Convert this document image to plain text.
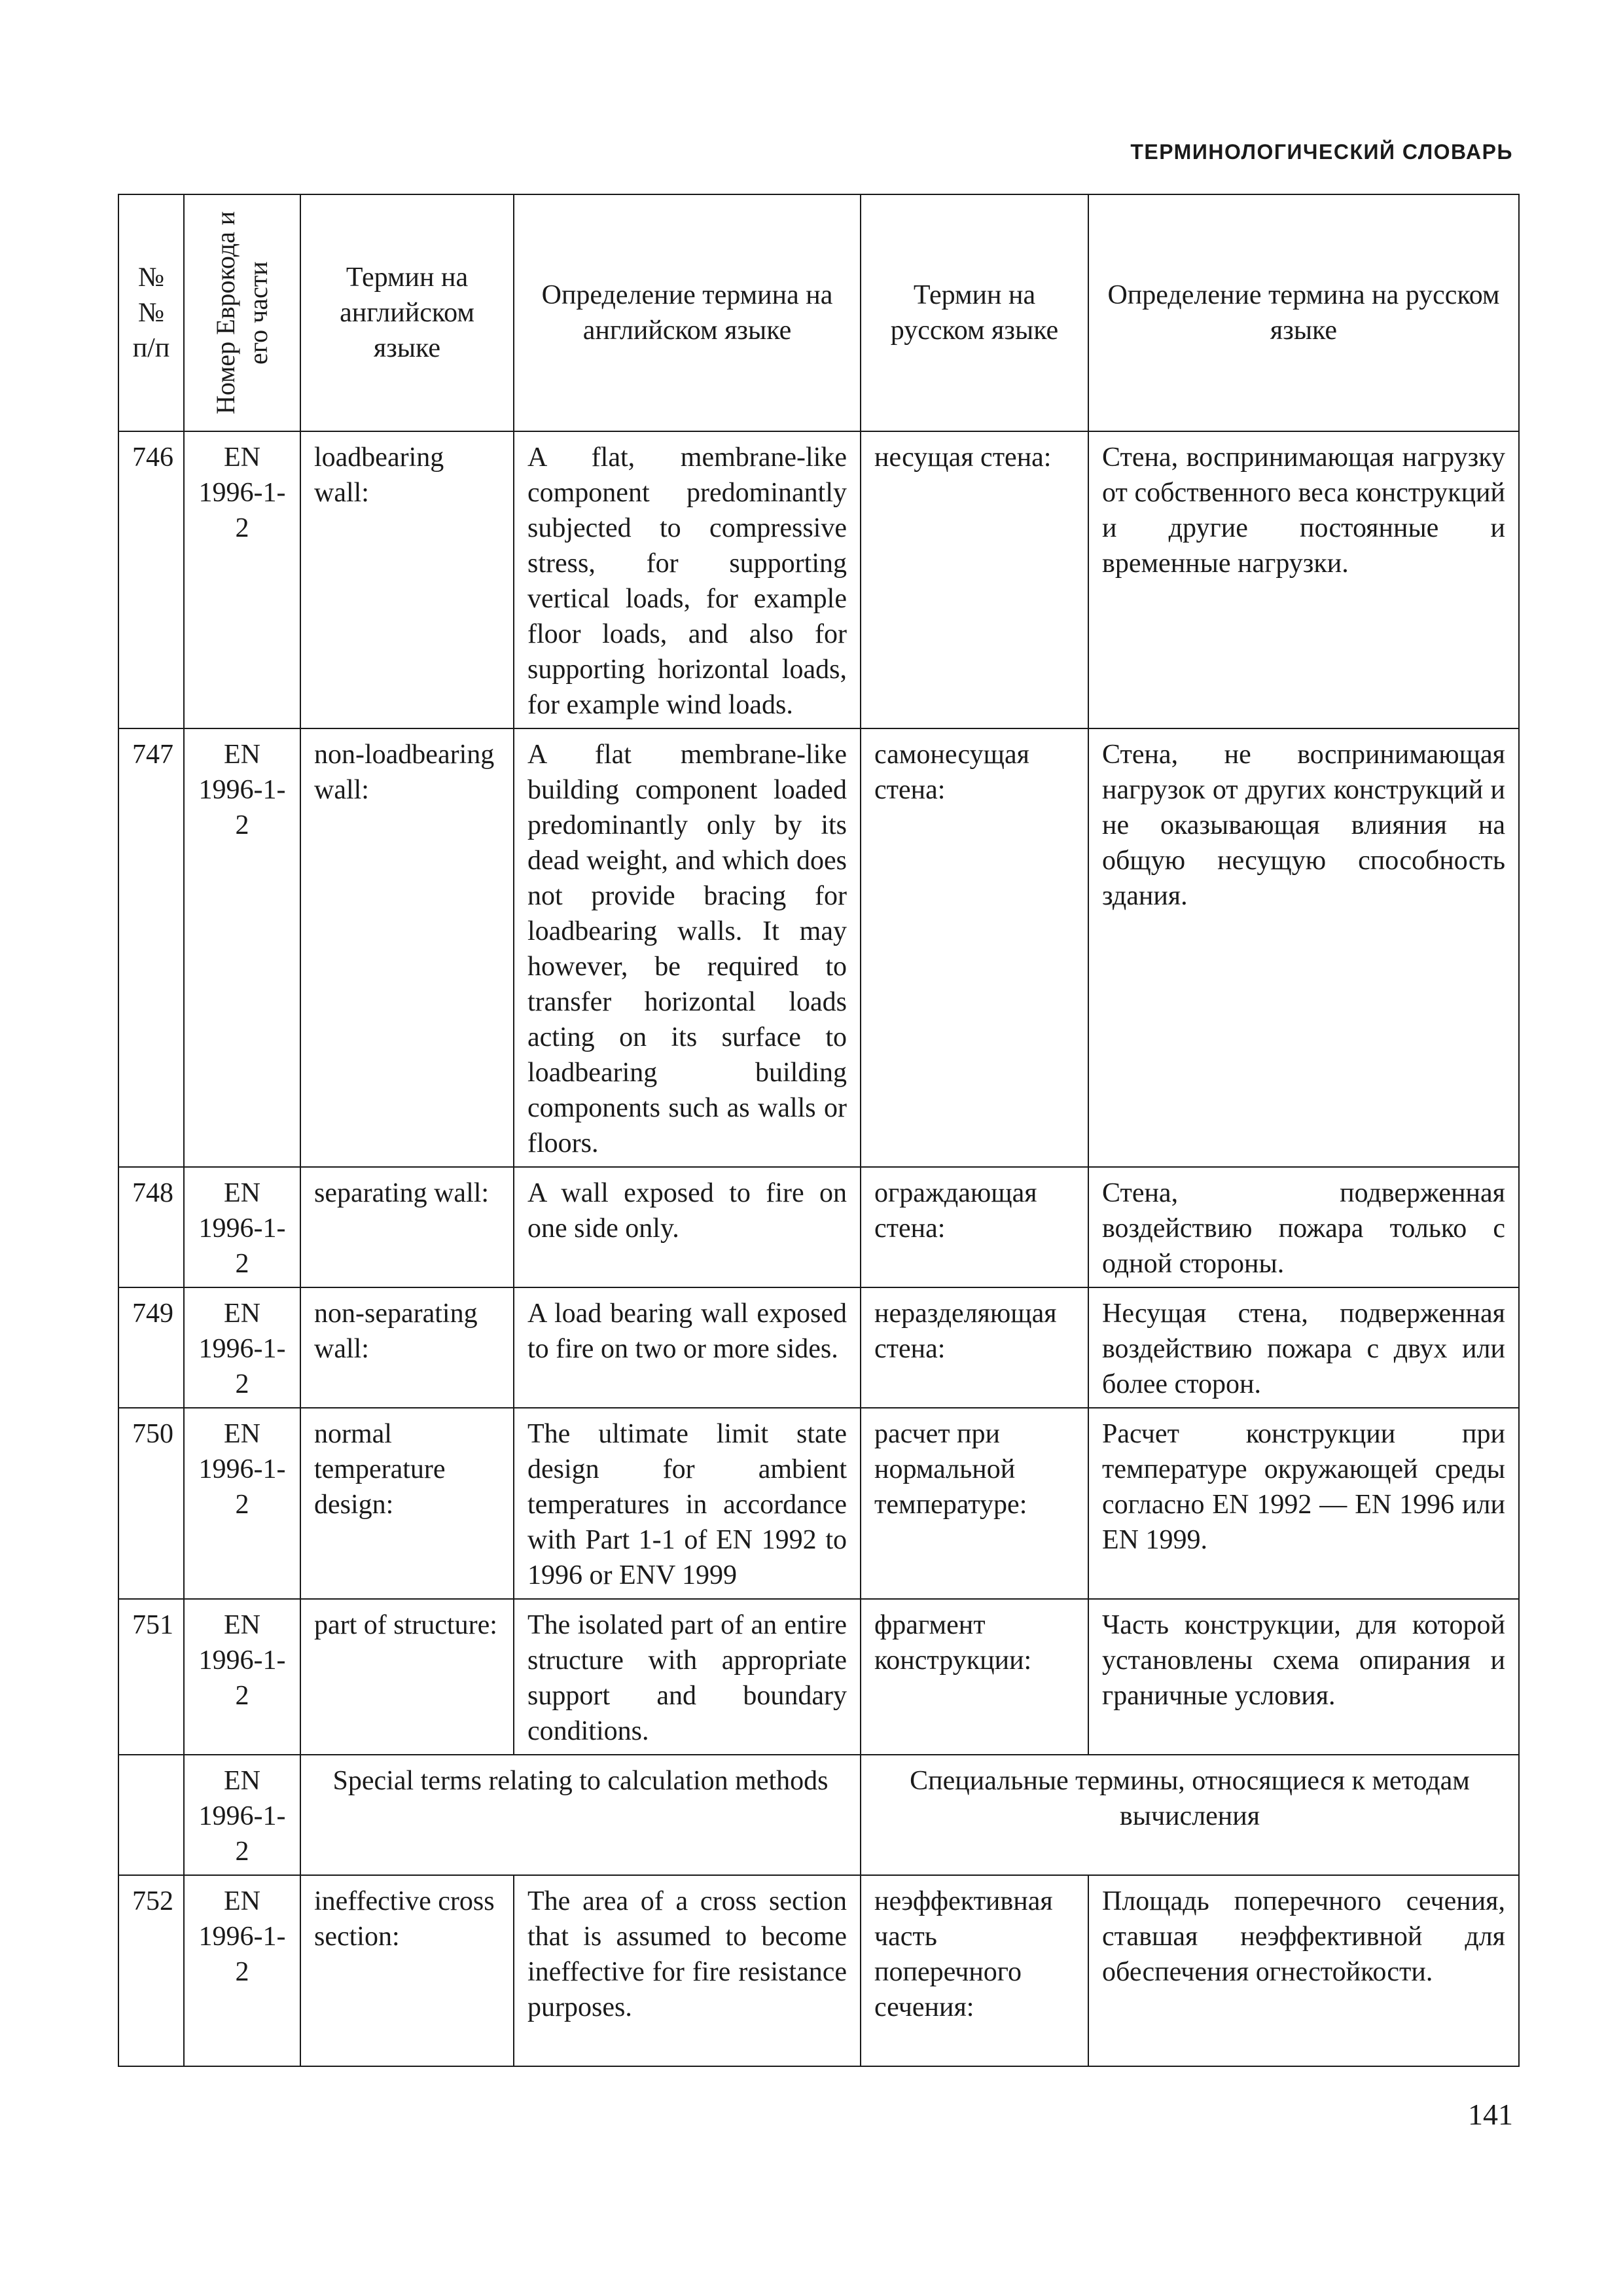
ТЕРМИНОЛОГИЧЕСКИЙ СЛОВАРЬ
№№ п/п	Номер Еврокода и его части	Термин на английском языке	Определение термина на английском языке	Термин на русском языке	Определение термина на русском языке
746	EN 1996-1-2	loadbearing wall:	A flat, membrane-like component predominantly subjected to compressive stress, for supporting vertical loads, for example floor loads, and also for supporting horizontal loads, for example wind loads.	несущая стена:	Стена, воспринимающая нагрузку от собственного веса конструкций и другие постоянные и временные нагрузки.
747	EN 1996-1-2	non-loadbearing wall:	A flat membrane-like building component loaded predominantly only by its dead weight, and which does not provide bracing for loadbearing walls. It may however, be required to transfer horizontal loads acting on its surface to loadbearing building components such as walls or floors.	самонесущая стена:	Стена, не воспринимающая нагрузок от других конструкций и не оказывающая влияния на общую несущую способность здания.
748	EN 1996-1-2	separating wall:	A wall exposed to fire on one side only.	ограждающая стена:	Стена, подверженная воздействию пожара только с одной стороны.
749	EN 1996-1-2	non-separating wall:	A load bearing wall exposed to fire on two or more sides.	неразделяющая стена:	Несущая стена, подверженная воздействию пожара с двух или более сторон.
750	EN 1996-1-2	normal temperature design:	The ultimate limit state design for ambient temperatures in accordance with Part 1-1 of EN 1992 to 1996 or ENV 1999	расчет при нормальной температуре:	Расчет конструкции при температуре окружающей среды согласно EN 1992 — EN 1996 или EN 1999.
751	EN 1996-1-2	part of structure:	The isolated part of an entire structure with appropriate support and boundary conditions.	фрагмент конструкции:	Часть конструкции, для которой установлены схема опирания и граничные условия.
	EN 1996-1-2	Special terms relating to calculation methods		Специальные термины, относящиеся к методам вычисления	
752	EN 1996-1-2	ineffective cross section:	The area of a cross section that is assumed to become ineffective for fire resistance purposes.	неэффективная часть поперечного сечения:	Площадь поперечного сечения, ставшая неэффективной для обеспечения огнестойкости.
141
